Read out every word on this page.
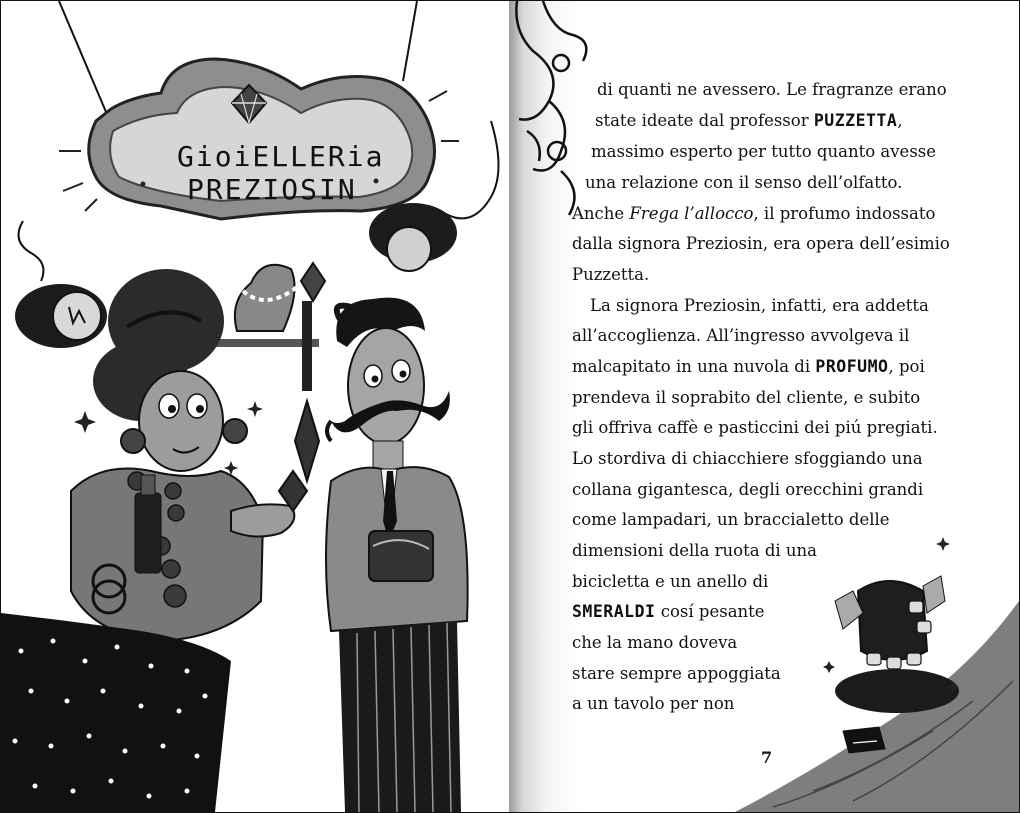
GioiELLERia
PREZIOSIN
di quanti ne avessero. Le fragranze erano
state ideate dal professor PUZZETTA,
massimo esperto per tutto quanto avesse
una relazione con il senso dell’olfatto.
Anche Frega l’allocco, il profumo indossato
dalla signora Preziosin, era opera dell’esimio
Puzzetta.
La signora Preziosin, infatti, era addetta
all’accoglienza. All’ingresso avvolgeva il
malcapitato in una nuvola di PROFUMO, poi
prendeva il soprabito del cliente, e subito
gli offriva caffè e pasticcini dei piú pregiati.
Lo stordiva di chiacchiere sfoggiando una
collana gigantesca, degli orecchini grandi
come lampadari, un braccialetto delle
dimensioni della ruota di una
bicicletta e un anello di
SMERALDI cosí pesante
che la mano doveva
stare sempre appoggiata
a un tavolo per non
7
